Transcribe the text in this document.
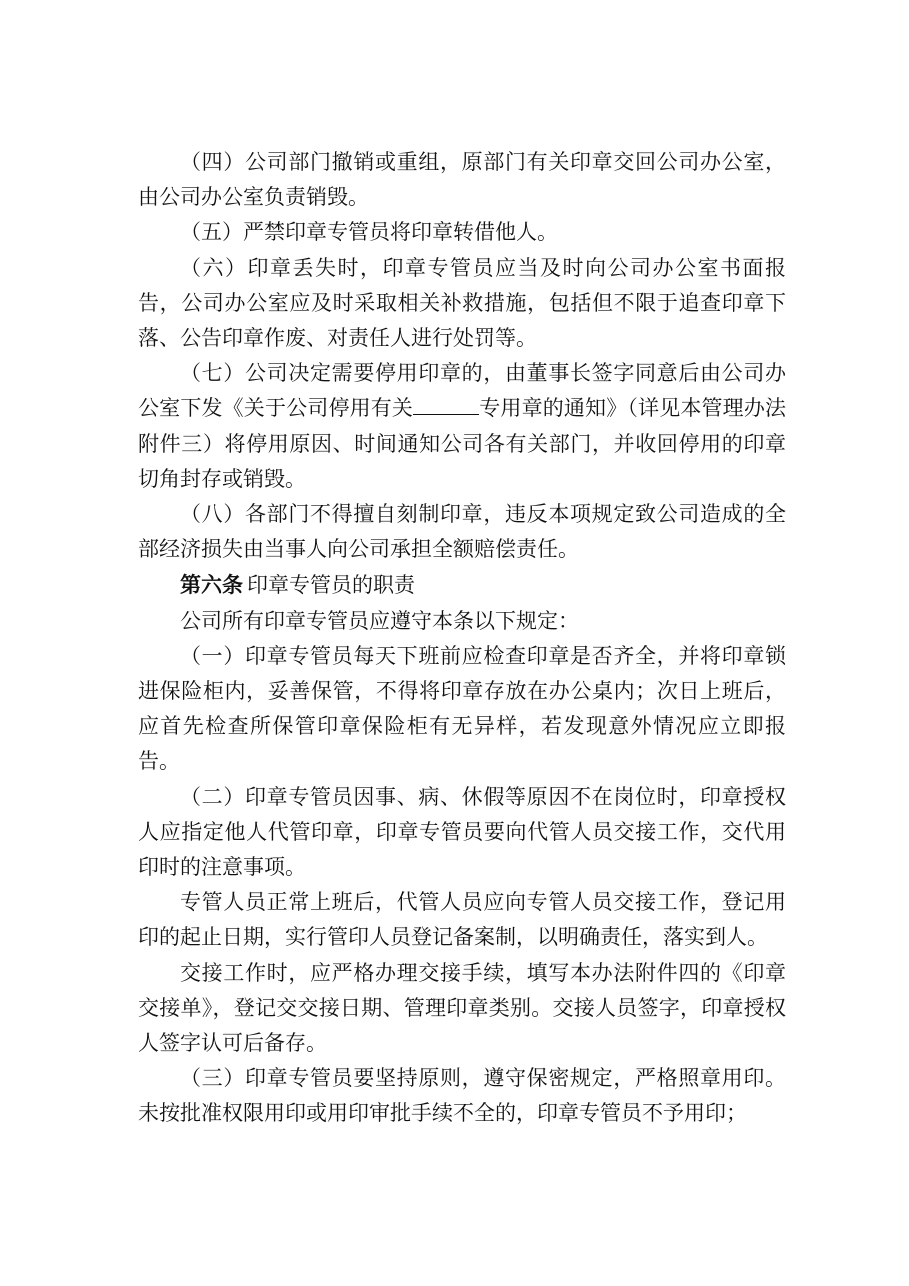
（四）公司部门撤销或重组，原部门有关印章交回公司办公室，由公司办公室负责销毁。

（五）严禁印章专管员将印章转借他人。

（六）印章丢失时，印章专管员应当及时向公司办公室书面报告，公司办公室应及时采取相关补救措施，包括但不限于追查印章下落、公告印章作废、对责任人进行处罚等。

（七）公司决定需要停用印章的，由董事长签字同意后由公司办公室下发《关于公司停用有关	专用章的通知》（详见本管理办法附件三）将停用原因、时间通知公司各有关部门，并收回停用的印章切角封存或销毁。

（八）各部门不得擅自刻制印章，违反本项规定致公司造成的全部经济损失由当事人向公司承担全额赔偿责任。

第六条 印章专管员的职责

公司所有印章专管员应遵守本条以下规定：

（一）印章专管员每天下班前应检查印章是否齐全，并将印章锁进保险柜内，妥善保管，不得将印章存放在办公桌内；次日上班后，应首先检查所保管印章保险柜有无异样，若发现意外情况应立即报告。

（二）印章专管员因事、病、休假等原因不在岗位时，印章授权人应指定他人代管印章，印章专管员要向代管人员交接工作，交代用印时的注意事项。

专管人员正常上班后，代管人员应向专管人员交接工作，登记用印的起止日期，实行管印人员登记备案制，以明确责任，落实到人。

交接工作时，应严格办理交接手续，填写本办法附件四的《印章交接单》，登记交交接日期、管理印章类别。交接人员签字，印章授权人签字认可后备存。

（三）印章专管员要坚持原则，遵守保密规定，严格照章用印。未按批准权限用印或用印审批手续不全的，印章专管员不予用印；
